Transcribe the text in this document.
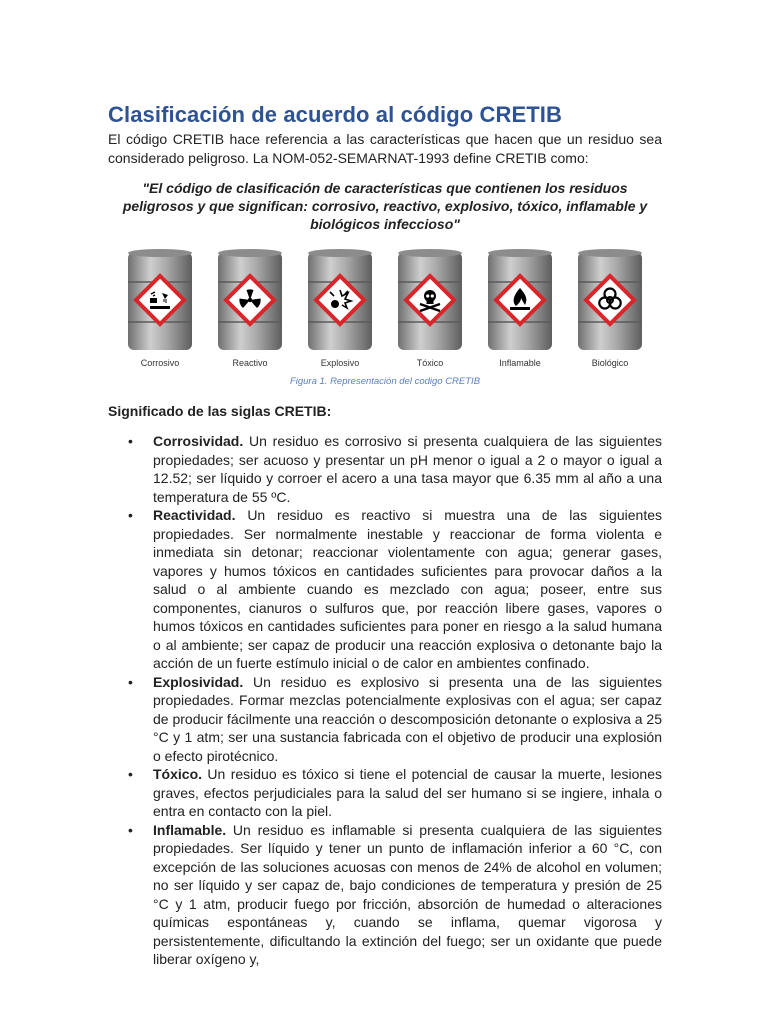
Clasificación de acuerdo al código CRETIB

El código CRETIB hace referencia a las características que hacen que un residuo sea considerado peligroso. La NOM-052-SEMARNAT-1993 define CRETIB como:

"El código de clasificación de características que contienen los residuos peligrosos y que significan: corrosivo, reactivo, explosivo, tóxico, inflamable y biológicos infeccioso"

Corrosivo	Reactivo	Explosivo	Tóxico	Inflamable	Biológico

Figura 1. Representación del codigo CRETIB

Significado de las siglas CRETIB:
• Corrosividad. Un residuo es corrosivo si presenta cualquiera de las siguientes propiedades; ser acuoso y presentar un pH menor o igual a 2 o mayor o igual a 12.52; ser líquido y corroer el acero a una tasa mayor que 6.35 mm al año a una temperatura de 55 ºC.
• Reactividad. Un residuo es reactivo si muestra una de las siguientes propiedades. Ser normalmente inestable y reaccionar de forma violenta e inmediata sin detonar; reaccionar violentamente con agua; generar gases, vapores y humos tóxicos en cantidades suficientes para provocar daños a la salud o al ambiente cuando es mezclado con agua; poseer, entre sus componentes, cianuros o sulfuros que, por reacción libere gases, vapores o humos tóxicos en cantidades suficientes para poner en riesgo a la salud humana o al ambiente; ser capaz de producir una reacción explosiva o detonante bajo la acción de un fuerte estímulo inicial o de calor en ambientes confinado.
• Explosividad. Un residuo es explosivo si presenta una de las siguientes propiedades. Formar mezclas potencialmente explosivas con el agua; ser capaz de producir fácilmente una reacción o descomposición detonante o explosiva a 25 °C y 1 atm; ser una sustancia fabricada con el objetivo de producir una explosión o efecto pirotécnico.
• Tóxico. Un residuo es tóxico si tiene el potencial de causar la muerte, lesiones graves, efectos perjudiciales para la salud del ser humano si se ingiere, inhala o entra en contacto con la piel.
• Inflamable. Un residuo es inflamable si presenta cualquiera de las siguientes propiedades. Ser líquido y tener un punto de inflamación inferior a 60 °C, con excepción de las soluciones acuosas con menos de 24% de alcohol en volumen; no ser líquido y ser capaz de, bajo condiciones de temperatura y presión de 25 °C y 1 atm, producir fuego por fricción, absorción de humedad o alteraciones químicas espontáneas y, cuando se inflama, quemar vigorosa y persistentemente, dificultando la extinción del fuego; ser un oxidante que puede liberar oxígeno y,
